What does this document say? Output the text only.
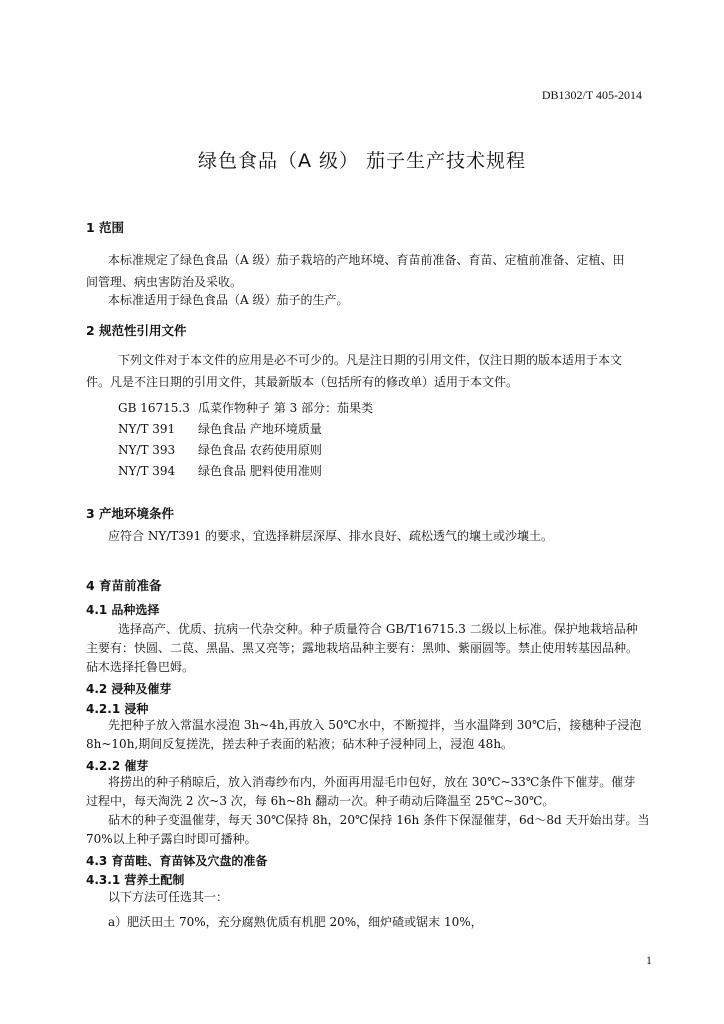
DB1302/T 405-2014
绿色食品（A 级） 茄子生产技术规程
1 范围
本标准规定了绿色食品（A 级）茄子栽培的产地环境、育苗前准备、育苗、定植前准备、定植、田
间管理、病虫害防治及采收。
本标准适用于绿色食品（A 级）茄子的生产。
2 规范性引用文件
下列文件对于本文件的应用是必不可少的。凡是注日期的引用文件，仅注日期的版本适用于本文
件。凡是不注日期的引用文件，其最新版本（包括所有的修改单）适用于本文件。
GB 16715.3 瓜菜作物种子 第 3 部分：茄果类
NY/T 391 绿色食品 产地环境质量
NY/T 393 绿色食品 农药使用原则
NY/T 394 绿色食品 肥料使用准则
3 产地环境条件
应符合 NY/T391 的要求，宜选择耕层深厚、排水良好、疏松透气的壤土或沙壤土。
4 育苗前准备
4.1 品种选择
选择高产、优质、抗病一代杂交种。种子质量符合 GB/T16715.3 二级以上标准。保护地栽培品种
主要有：快圆、二苠、黑晶、黑又亮等；露地栽培品种主要有：黑帅、紫丽圆等。禁止使用转基因品种。
砧木选择托鲁巴姆。
4.2 浸种及催芽
4.2.1 浸种
先把种子放入常温水浸泡 3h~4h,再放入 50℃水中，不断搅拌，当水温降到 30℃后，接穗种子浸泡
8h~10h,期间反复搓洗，搓去种子表面的粘液；砧木种子浸种同上，浸泡 48h。
4.2.2 催芽
将捞出的种子稍晾后，放入消毒纱布内，外面再用湿毛巾包好，放在 30℃~33℃条件下催芽。催芽
过程中，每天淘洗 2 次~3 次，每 6h~8h 翻动一次。种子萌动后降温至 25℃~30℃。
砧木的种子变温催芽，每天 30℃保持 8h，20℃保持 16h 条件下保湿催芽，6d～8d 天开始出芽。当
70%以上种子露白时即可播种。
4.3 育苗畦、育苗钵及穴盘的准备
4.3.1 营养土配制
以下方法可任选其一：
a）肥沃田土 70%，充分腐熟优质有机肥 20%，细炉碴或锯末 10%，
1
